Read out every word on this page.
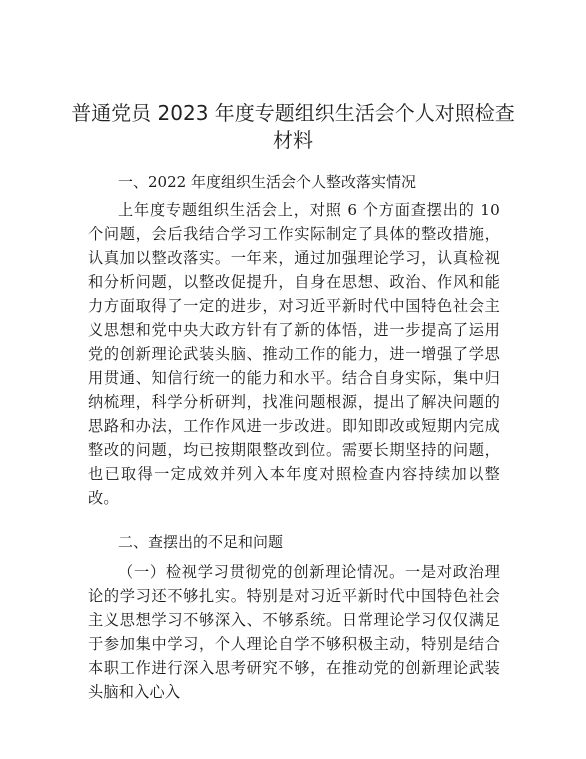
普通党员 2023 年度专题组织生活会个人对照检查材料
一、2022 年度组织生活会个人整改落实情况
上年度专题组织生活会上，对照 6 个方面查摆出的 10 个问题，会后我结合学习工作实际制定了具体的整改措施，认真加以整改落实。一年来，通过加强理论学习，认真检视和分析问题，以整改促提升，自身在思想、政治、作风和能力方面取得了一定的进步，对习近平新时代中国特色社会主义思想和党中央大政方针有了新的体悟，进一步提高了运用党的创新理论武装头脑、推动工作的能力，进一增强了学思用贯通、知信行统一的能力和水平。结合自身实际，集中归纳梳理，科学分析研判，找准问题根源，提出了解决问题的思路和办法，工作作风进一步改进。即知即改或短期内完成整改的问题，均已按期限整改到位。需要长期坚持的问题，也已取得一定成效并列入本年度对照检查内容持续加以整改。
二、查摆出的不足和问题
（一）检视学习贯彻党的创新理论情况。一是对政治理论的学习还不够扎实。特别是对习近平新时代中国特色社会主义思想学习不够深入、不够系统。日常理论学习仅仅满足于参加集中学习，个人理论自学不够积极主动，特别是结合本职工作进行深入思考研究不够，在推动党的创新理论武装头脑和入心入
